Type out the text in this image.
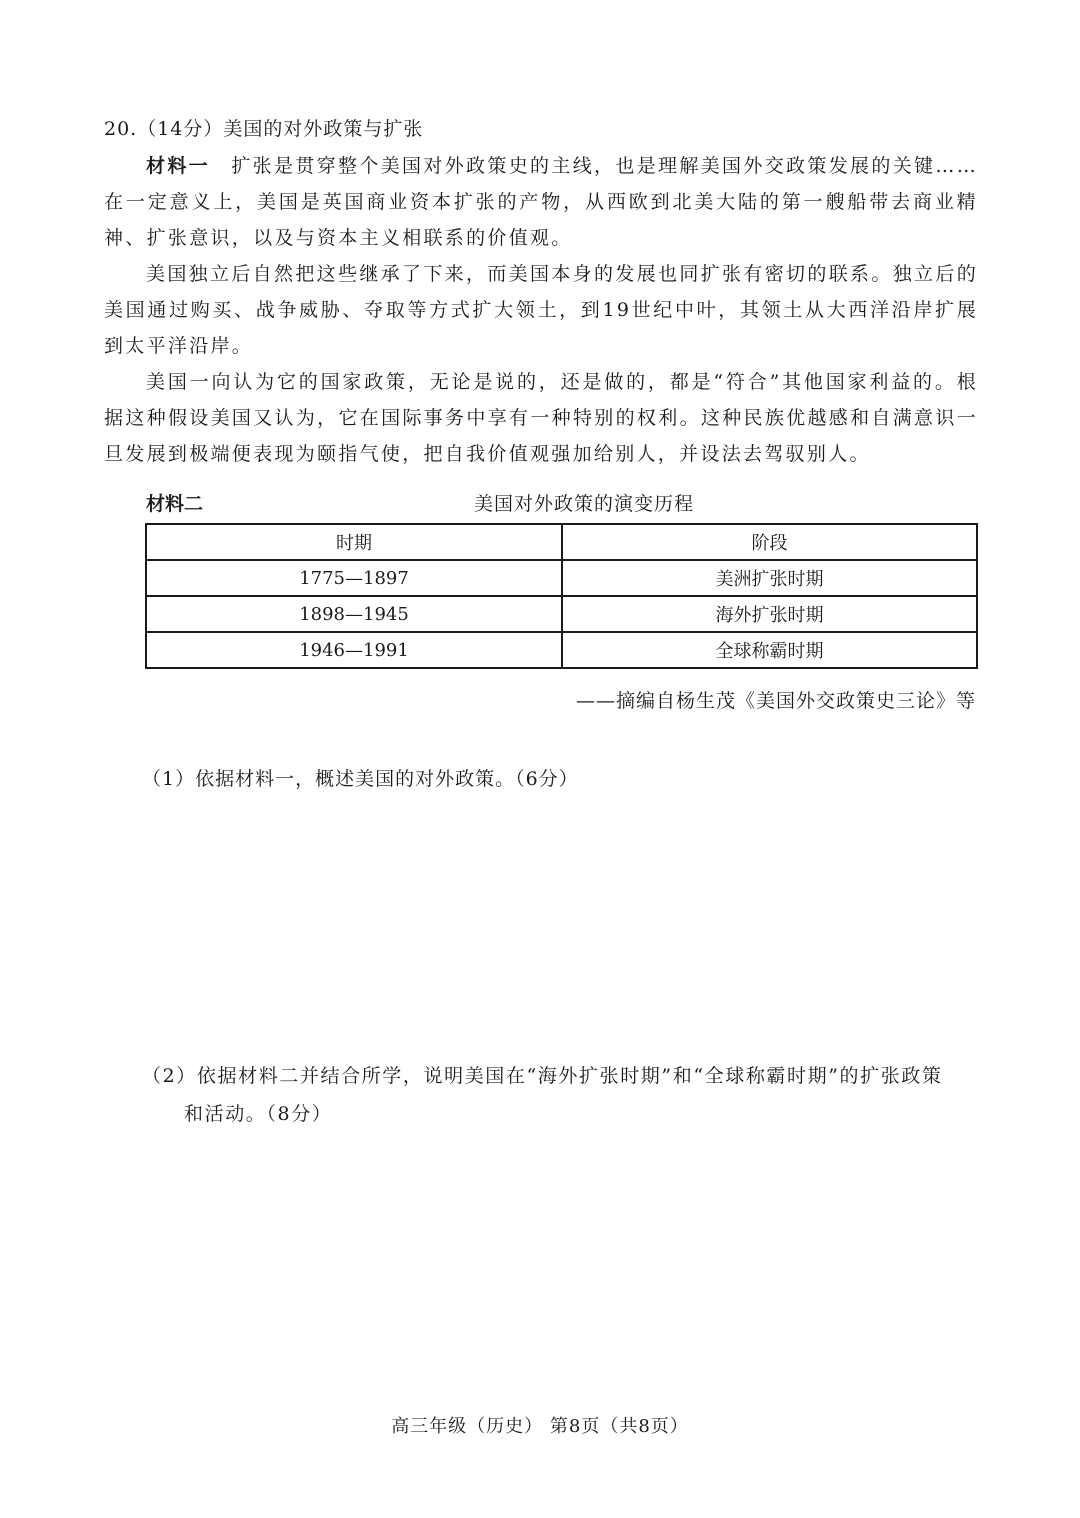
20.（14分）美国的对外政策与扩张

材料一　扩张是贯穿整个美国对外政策史的主线，也是理解美国外交政策发展的关键……在一定意义上，美国是英国商业资本扩张的产物，从西欧到北美大陆的第一艘船带去商业精神、扩张意识，以及与资本主义相联系的价值观。

美国独立后自然把这些继承了下来，而美国本身的发展也同扩张有密切的联系。独立后的美国通过购买、战争威胁、夺取等方式扩大领土，到19世纪中叶，其领土从大西洋沿岸扩展到太平洋沿岸。

美国一向认为它的国家政策，无论是说的，还是做的，都是“符合”其他国家利益的。根据这种假设美国又认为，它在国际事务中享有一种特别的权利。这种民族优越感和自满意识一旦发展到极端便表现为颐指气使，把自我价值观强加给别人，并设法去驾驭别人。

材料二	美国对外政策的演变历程
时期	阶段
1775—1897	美洲扩张时期
1898—1945	海外扩张时期
1946—1991	全球称霸时期
——摘编自杨生茂《美国外交政策史三论》等
（1）依据材料一，概述美国的对外政策。（6分）

（2）依据材料二并结合所学，说明美国在“海外扩张时期”和“全球称霸时期”的扩张政策
和活动。（8分）

高三年级（历史） 第8页（共8页）
